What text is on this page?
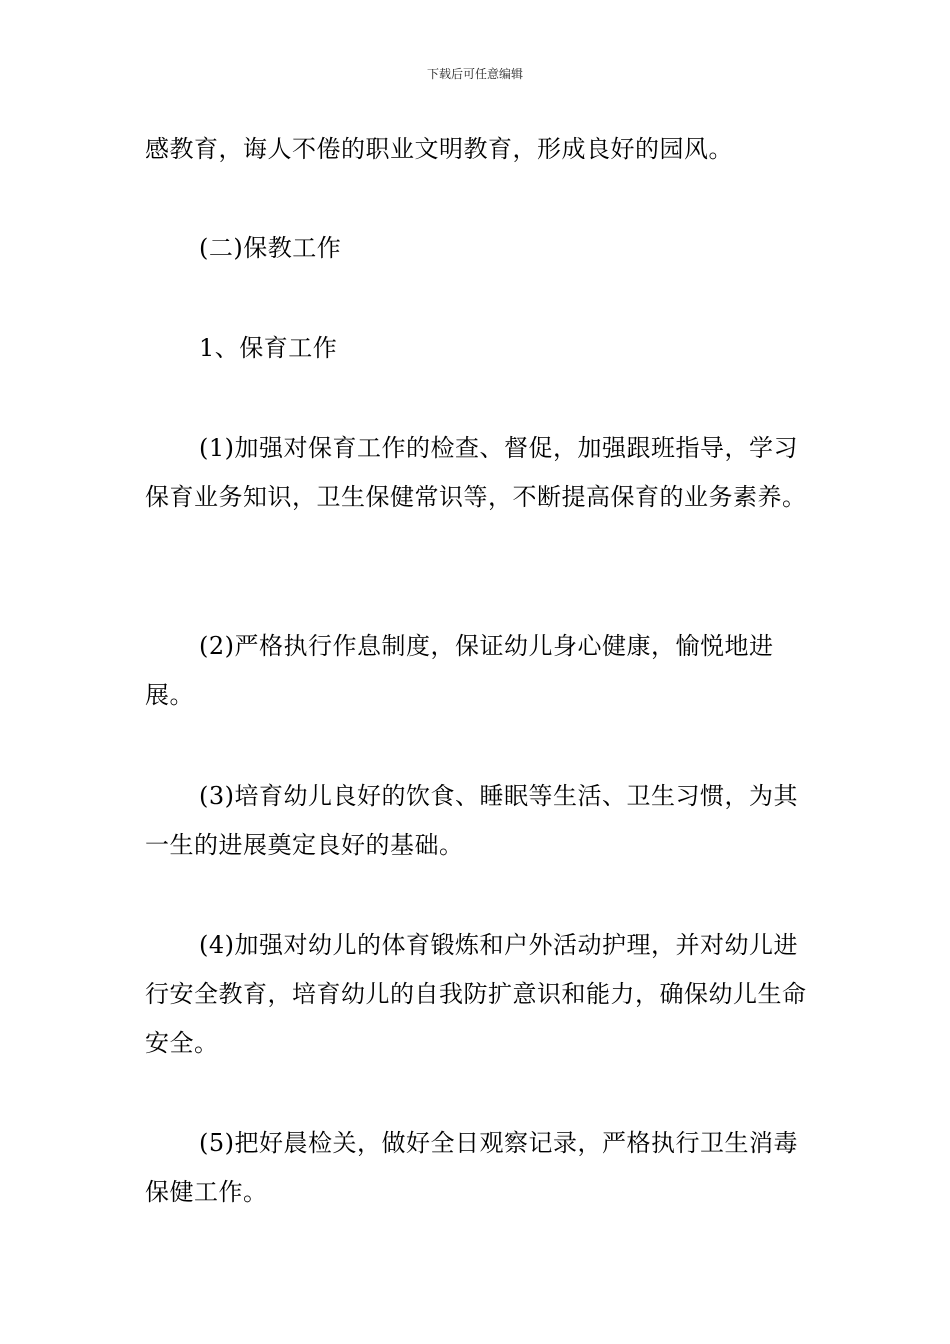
下载后可任意编辑

感教育，诲人不倦的职业文明教育，形成良好的园风。

(二)保教工作

1、保育工作

(1)加强对保育工作的检查、督促，加强跟班指导，学习保育业务知识，卫生保健常识等，不断提高保育的业务素养。

(2)严格执行作息制度，保证幼儿身心健康，愉悦地进展。

(3)培育幼儿良好的饮食、睡眠等生活、卫生习惯，为其一生的进展奠定良好的基础。

(4)加强对幼儿的体育锻炼和户外活动护理，并对幼儿进行安全教育，培育幼儿的自我防扩意识和能力，确保幼儿生命安全。

(5)把好晨检关，做好全日观察记录，严格执行卫生消毒保健工作。
